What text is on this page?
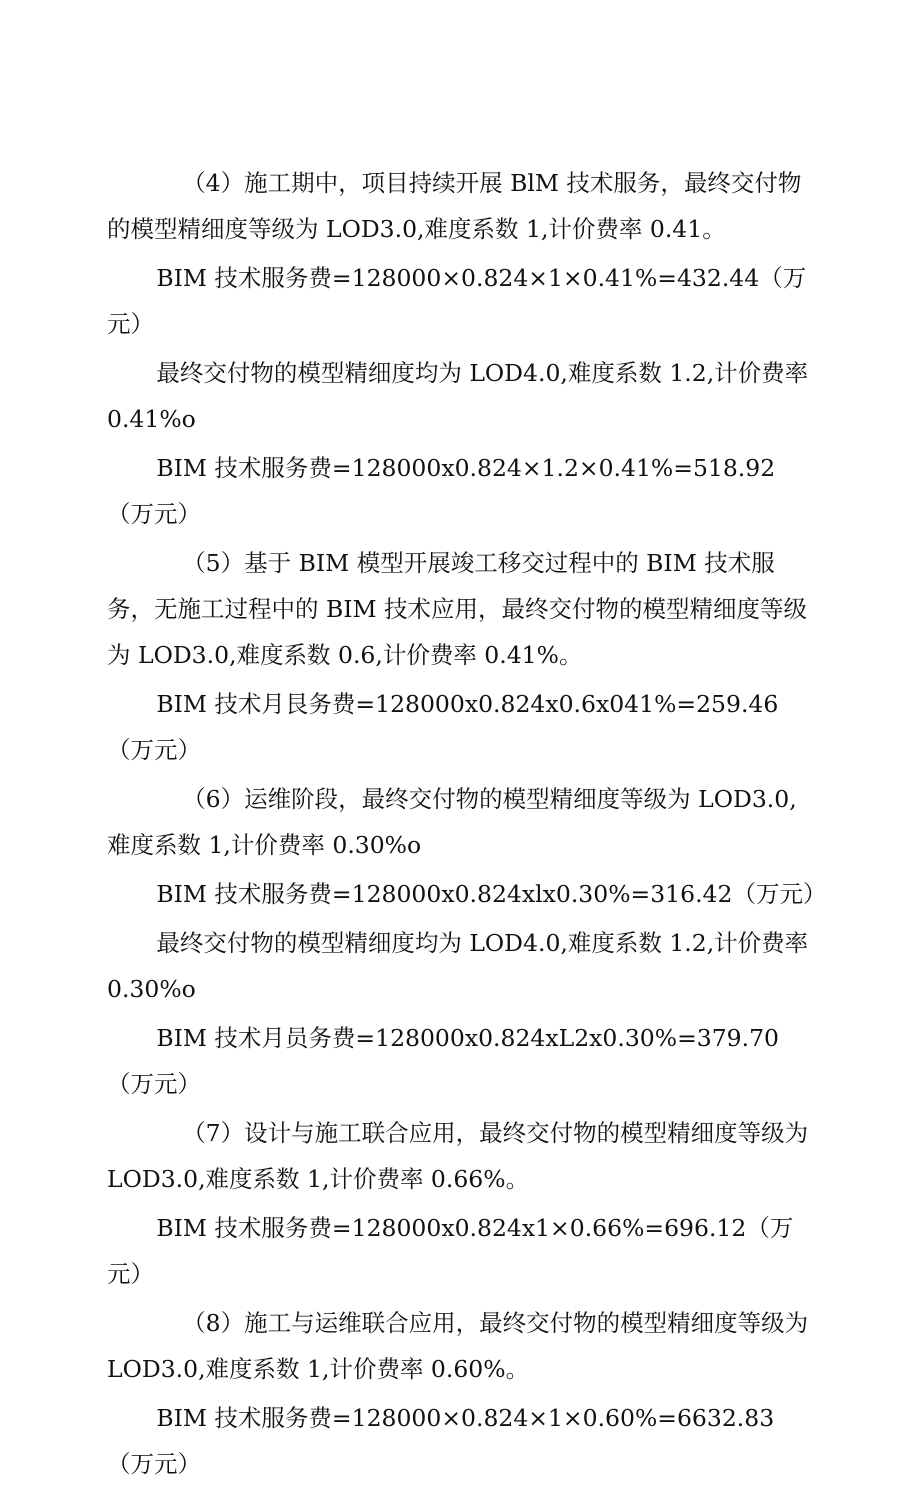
（4）施工期中，项目持续开展 BlM 技术服务，最终交付物的模型精细度等级为 LOD3.0,难度系数 1,计价费率 0.41。

BIM 技术服务费=128000×0.824×1×0.41%=432.44（万元）

最终交付物的模型精细度均为 LOD4.0,难度系数 1.2,计价费率 0.41%o

BIM 技术服务费=128000x0.824×1.2×0.41%=518.92（万元）

（5）基于 BIM 模型开展竣工移交过程中的 BIM 技术服务，无施工过程中的 BIM 技术应用，最终交付物的模型精细度等级为 LOD3.0,难度系数 0.6,计价费率 0.41%。

BIM 技术月艮务费=128000x0.824x0.6x041%=259.46（万元）

（6）运维阶段，最终交付物的模型精细度等级为 LOD3.0,难度系数 1,计价费率 0.30%o

BIM 技术服务费=128000x0.824xlx0.30%=316.42（万元）

最终交付物的模型精细度均为 LOD4.0,难度系数 1.2,计价费率 0.30%o

BIM 技术月员务费=128000x0.824xL2x0.30%=379.70（万元）

（7）设计与施工联合应用，最终交付物的模型精细度等级为 LOD3.0,难度系数 1,计价费率 0.66%。

BIM 技术服务费=128000x0.824x1×0.66%=696.12（万元）

（8）施工与运维联合应用，最终交付物的模型精细度等级为 LOD3.0,难度系数 1,计价费率 0.60%。

BIM 技术服务费=128000×0.824×1×0.60%=6632.83（万元）
